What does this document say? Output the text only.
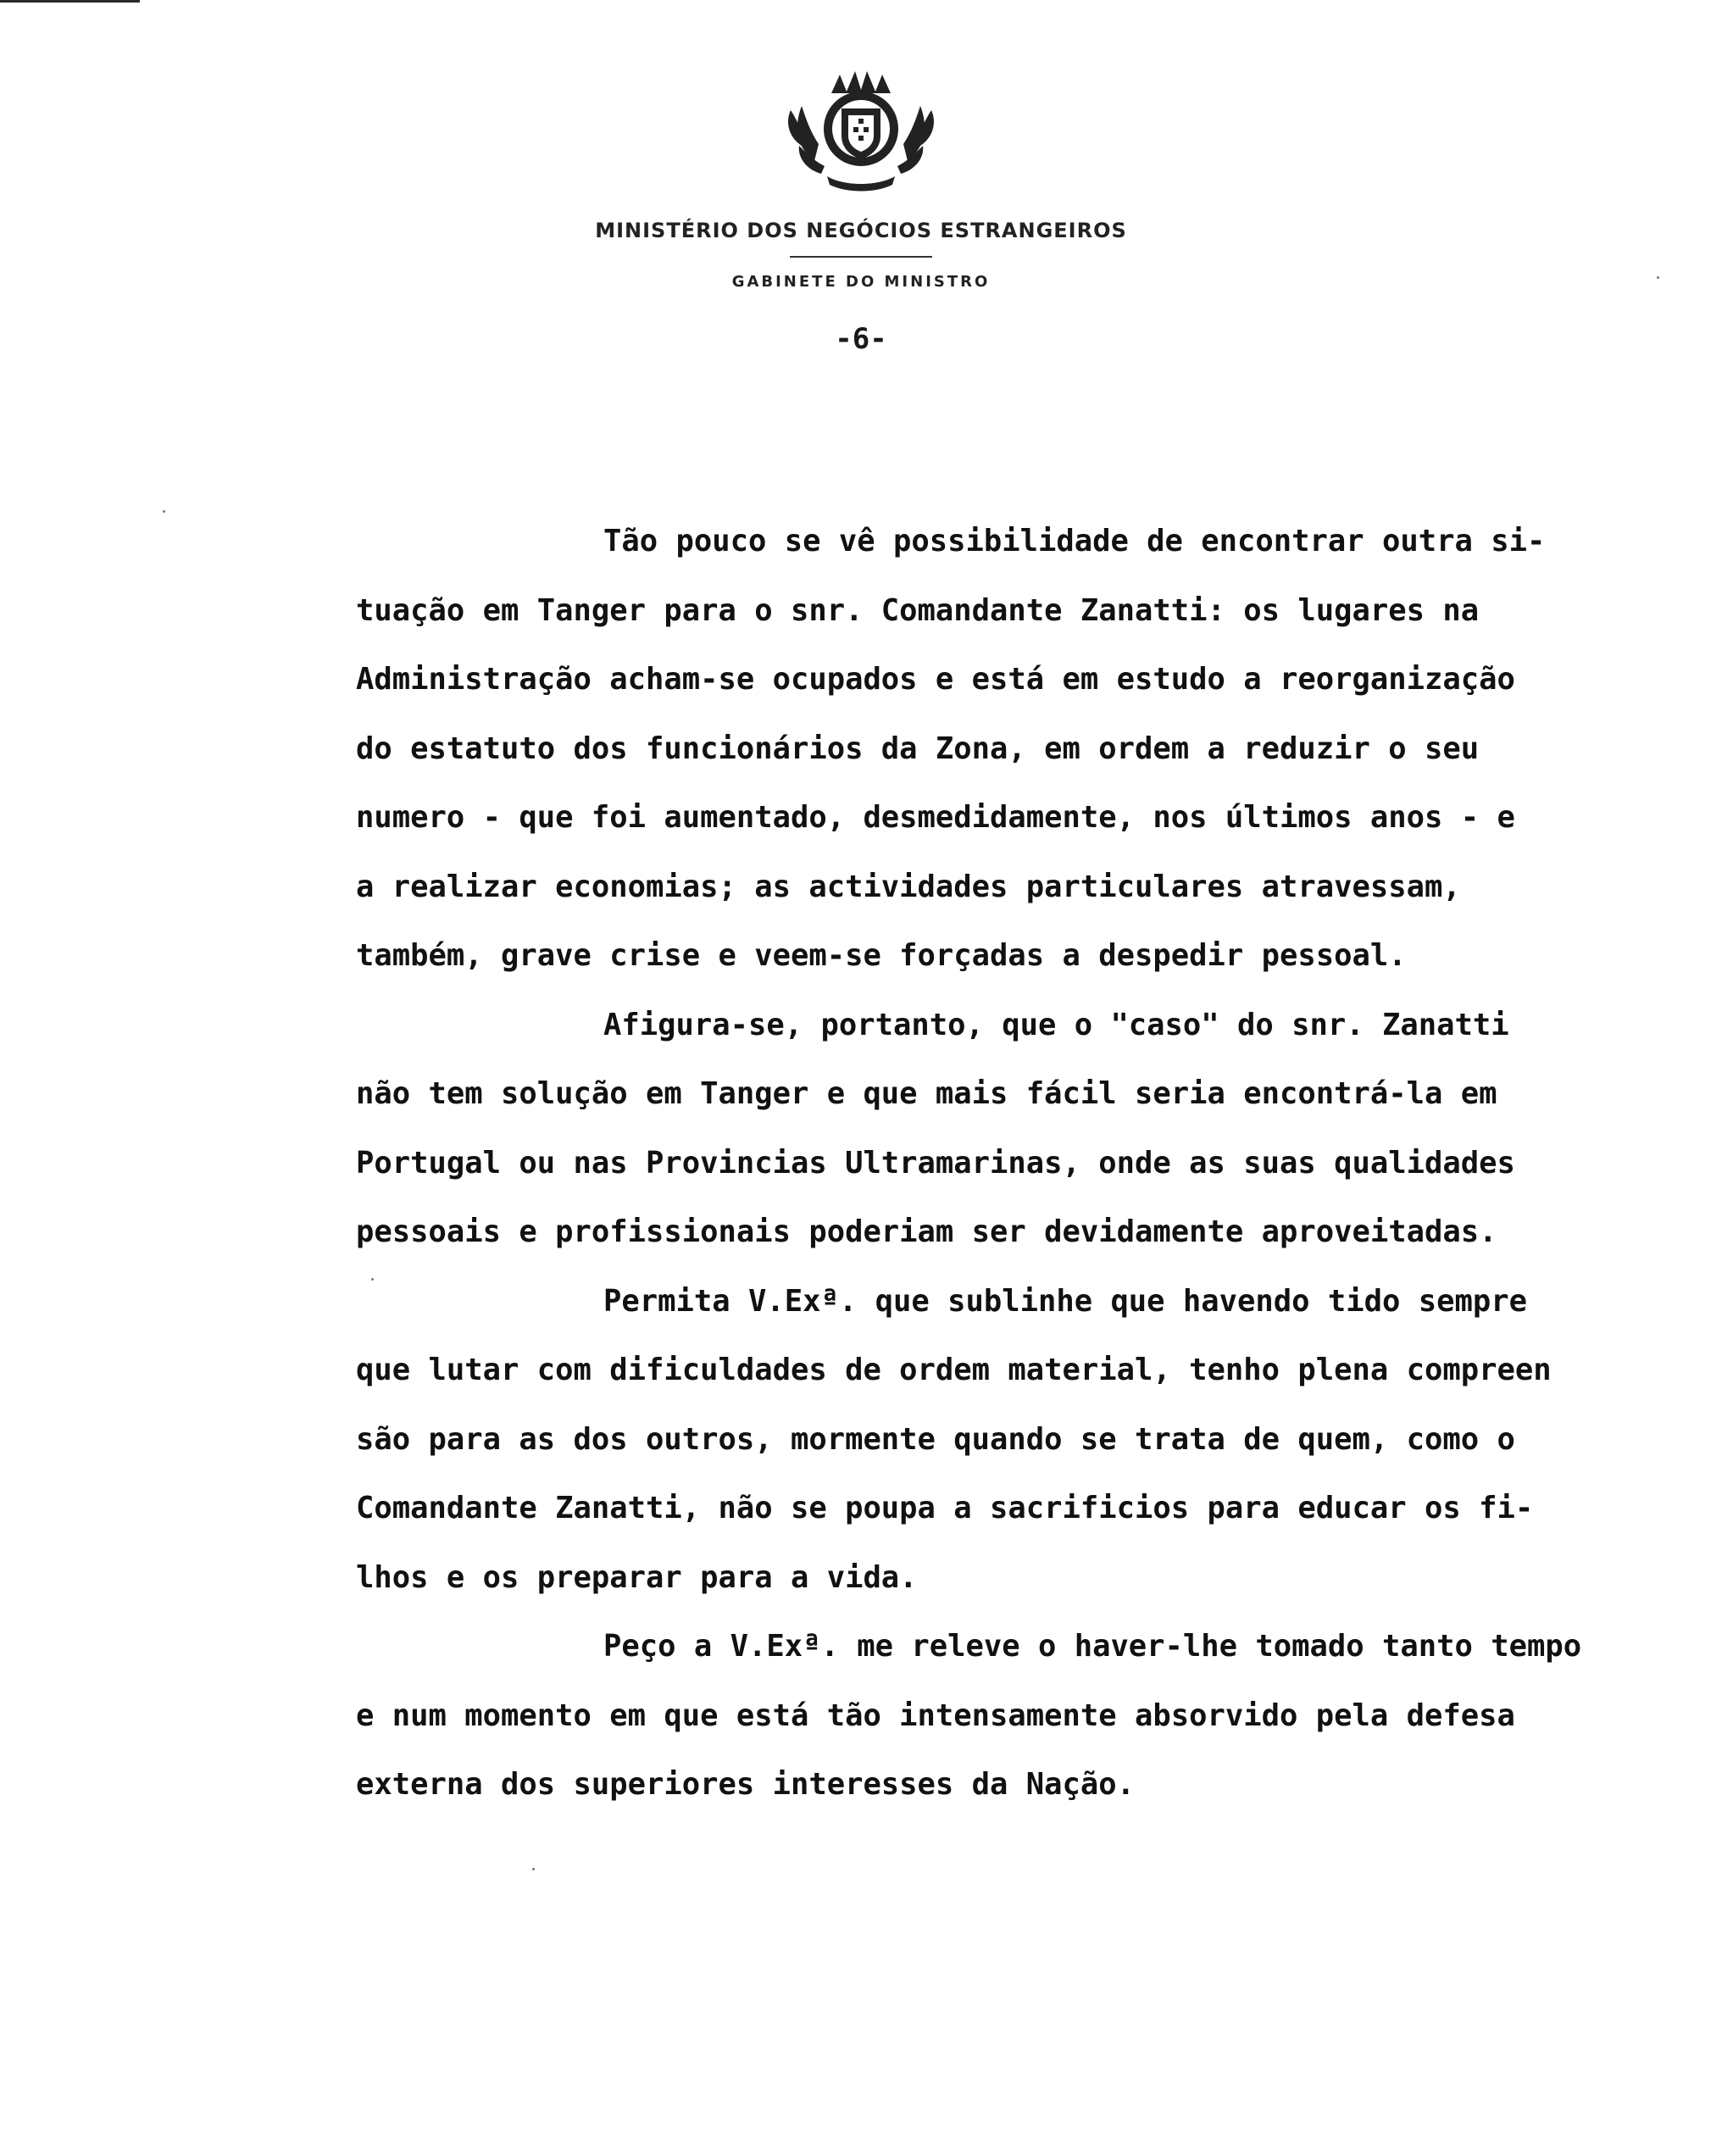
MINISTÉRIO DOS NEGÓCIOS ESTRANGEIROS
GABINETE DO MINISTRO
-6-
Tão pouco se vê possibilidade de encontrar outra si-
tuação em Tanger para o snr. Comandante Zanatti: os lugares na
Administração acham-se ocupados e está em estudo a reorganização
do estatuto dos funcionários da Zona, em ordem a reduzir o seu
numero - que foi aumentado, desmedidamente, nos últimos anos - e
a realizar economias; as actividades particulares atravessam,
também, grave crise e veem-se forçadas a despedir pessoal.
Afigura-se, portanto, que o "caso" do snr. Zanatti
não tem solução em Tanger e que mais fácil seria encontrá-la em
Portugal ou nas Provincias Ultramarinas, onde as suas qualidades
pessoais e profissionais poderiam ser devidamente aproveitadas.
Permita V.Exª. que sublinhe que havendo tido sempre
que lutar com dificuldades de ordem material, tenho plena compreen
são para as dos outros, mormente quando se trata de quem, como o
Comandante Zanatti, não se poupa a sacrificios para educar os fi-
lhos e os preparar para a vida.
Peço a V.Exª. me releve o haver-lhe tomado tanto tempo
e num momento em que está tão intensamente absorvido pela defesa
externa dos superiores interesses da Nação.
